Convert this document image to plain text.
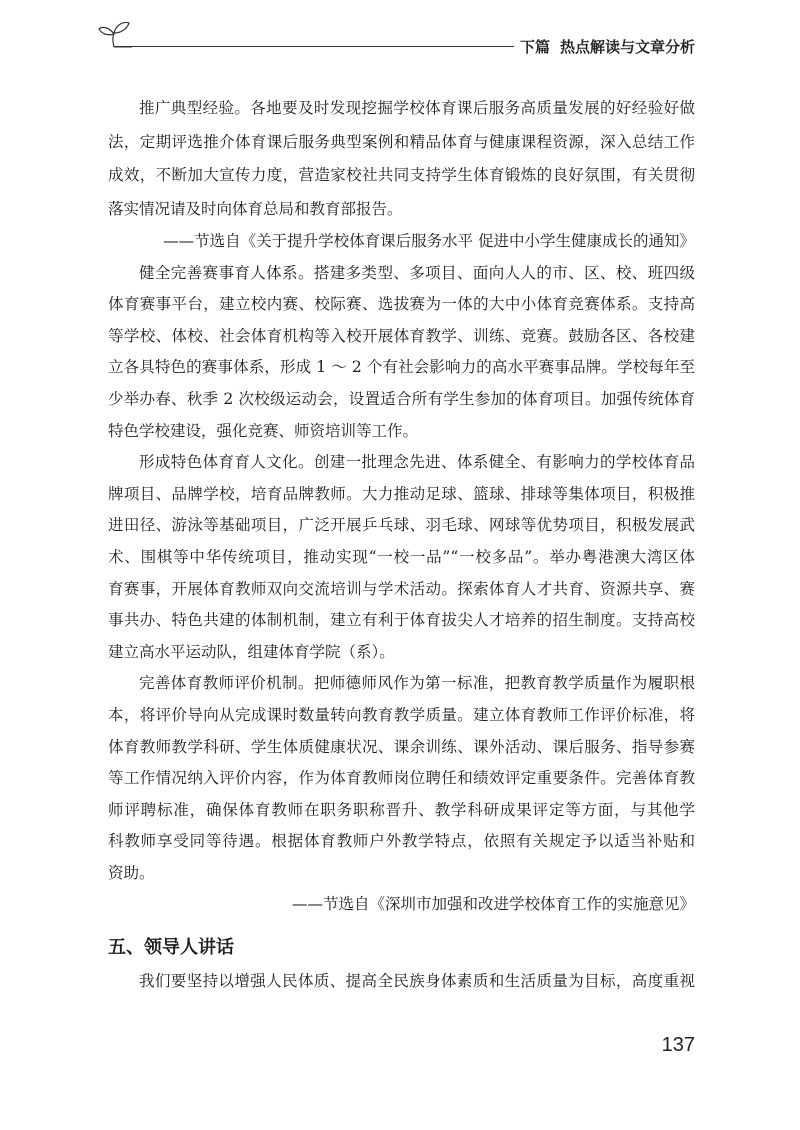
下篇 热点解读与文章分析
推广典型经验。各地要及时发现挖掘学校体育课后服务高质量发展的好经验好做
法，定期评选推介体育课后服务典型案例和精品体育与健康课程资源，深入总结工作
成效，不断加大宣传力度，营造家校社共同支持学生体育锻炼的良好氛围，有关贯彻
落实情况请及时向体育总局和教育部报告。
——节选自《关于提升学校体育课后服务水平 促进中小学生健康成长的通知》
健全完善赛事育人体系。搭建多类型、多项目、面向人人的市、区、校、班四级
体育赛事平台，建立校内赛、校际赛、选拔赛为一体的大中小体育竞赛体系。支持高
等学校、体校、社会体育机构等入校开展体育教学、训练、竞赛。鼓励各区、各校建
立各具特色的赛事体系，形成 1 ～ 2 个有社会影响力的高水平赛事品牌。学校每年至
少举办春、秋季 2 次校级运动会，设置适合所有学生参加的体育项目。加强传统体育
特色学校建设，强化竞赛、师资培训等工作。
形成特色体育育人文化。创建一批理念先进、体系健全、有影响力的学校体育品
牌项目、品牌学校，培育品牌教师。大力推动足球、篮球、排球等集体项目，积极推
进田径、游泳等基础项目，广泛开展乒乓球、羽毛球、网球等优势项目，积极发展武
术、围棋等中华传统项目，推动实现“一校一品”“一校多品”。举办粤港澳大湾区体
育赛事，开展体育教师双向交流培训与学术活动。探索体育人才共育、资源共享、赛
事共办、特色共建的体制机制，建立有利于体育拔尖人才培养的招生制度。支持高校
建立高水平运动队，组建体育学院（系）。
完善体育教师评价机制。把师德师风作为第一标准，把教育教学质量作为履职根
本，将评价导向从完成课时数量转向教育教学质量。建立体育教师工作评价标准，将
体育教师教学科研、学生体质健康状况、课余训练、课外活动、课后服务、指导参赛
等工作情况纳入评价内容，作为体育教师岗位聘任和绩效评定重要条件。完善体育教
师评聘标准，确保体育教师在职务职称晋升、教学科研成果评定等方面，与其他学
科教师享受同等待遇。根据体育教师户外教学特点，依照有关规定予以适当补贴和
资助。
——节选自《深圳市加强和改进学校体育工作的实施意见》
五、领导人讲话
我们要坚持以增强人民体质、提高全民族身体素质和生活质量为目标，高度重视
137
